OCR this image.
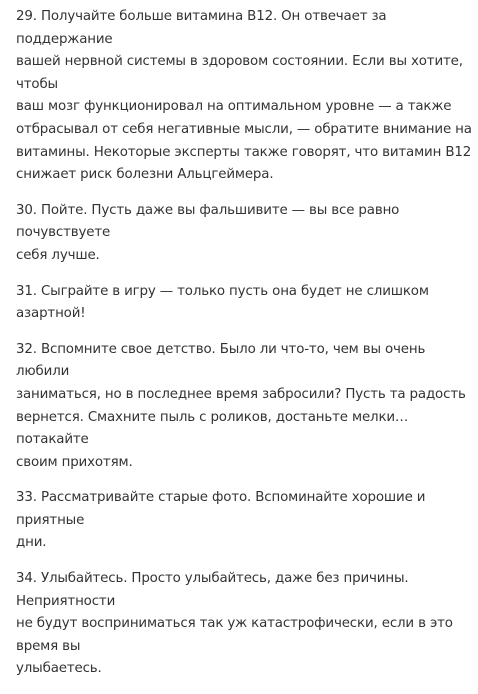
29. Получайте больше витамина B12. Он отвечает за поддержание
вашей нервной системы в здоровом состоянии. Если вы хотите, чтобы
ваш мозг функционировал на оптимальном уровне — а также
отбрасывал от себя негативные мысли, — обратите внимание на
витамины. Некоторые эксперты также говорят, что витамин B12
снижает риск болезни Альцгеймера.

30. Пойте. Пусть даже вы фальшивите — вы все равно почувствуете
себя лучше.

31. Сыграйте в игру — только пусть она будет не слишком азартной!

32. Вспомните свое детство. Было ли что-то, чем вы очень любили
заниматься, но в последнее время забросили? Пусть та радость
вернется. Смахните пыль с роликов, достаньте мелки… потакайте
своим прихотям.

33. Рассматривайте старые фото. Вспоминайте хорошие и приятные
дни.

34. Улыбайтесь. Просто улыбайтесь, даже без причины. Неприятности
не будут восприниматься так уж катастрофически, если в это время вы
улыбаетесь.
